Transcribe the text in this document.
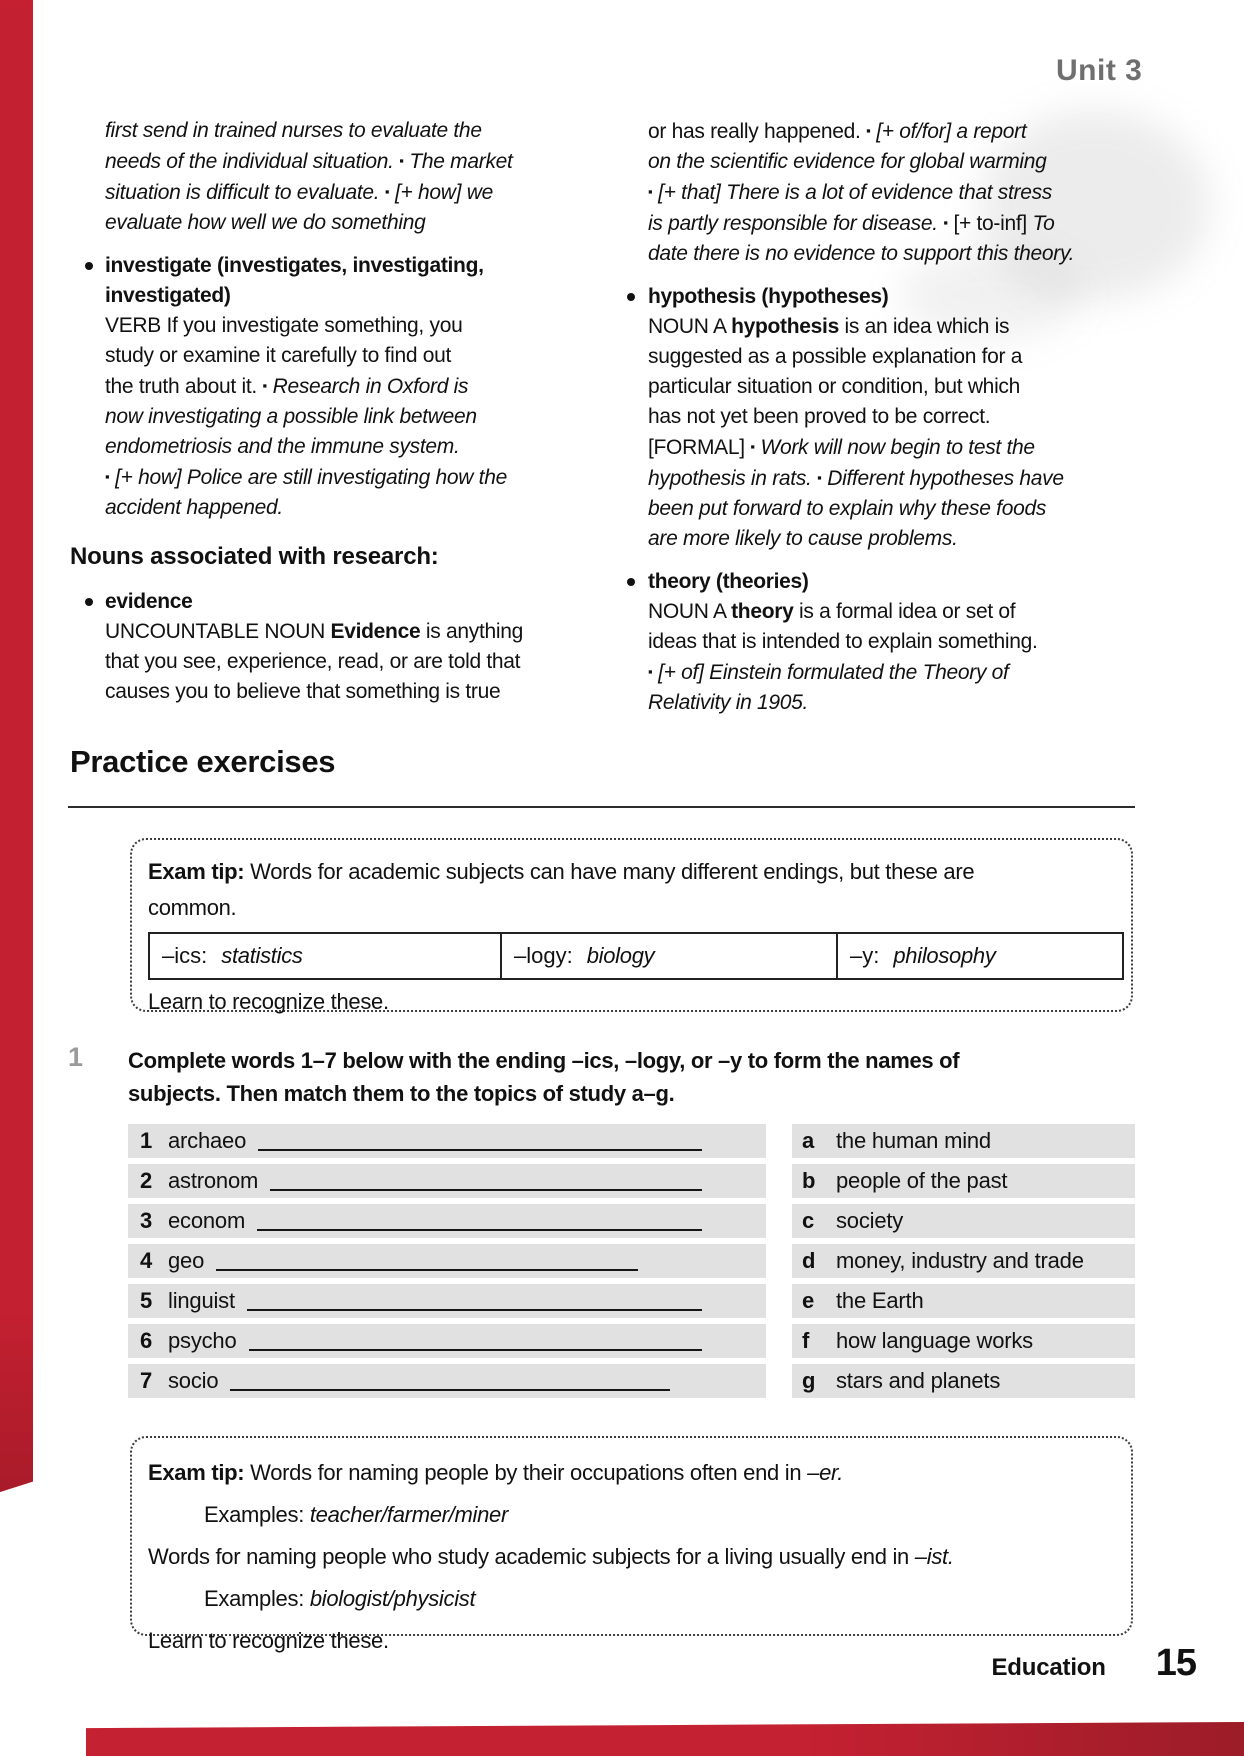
Unit 3
first send in trained nurses to evaluate the
needs of the individual situation. ▪ The market
situation is difficult to evaluate. ▪ [+ how] we
evaluate how well we do something
investigate (investigates, investigating,
investigated)
VERB If you investigate something, you
study or examine it carefully to find out
the truth about it. ▪ Research in Oxford is
now investigating a possible link between
endometriosis and the immune system.
▪ [+ how] Police are still investigating how the
accident happened.
Nouns associated with research:
evidence
UNCOUNTABLE NOUN Evidence is anything
that you see, experience, read, or are told that
causes you to believe that something is true
or has really happened. ▪ [+ of/for] a report
on the scientific evidence for global warming
▪ [+ that] There is a lot of evidence that stress
is partly responsible for disease. ▪ [+ to-inf] To
date there is no evidence to support this theory.
hypothesis (hypotheses)
NOUN A hypothesis is an idea which is
suggested as a possible explanation for a
particular situation or condition, but which
has not yet been proved to be correct.
[FORMAL] ▪ Work will now begin to test the
hypothesis in rats. ▪ Different hypotheses have
been put forward to explain why these foods
are more likely to cause problems.
theory (theories)
NOUN A theory is a formal idea or set of
ideas that is intended to explain something.
▪ [+ of] Einstein formulated the Theory of
Relativity in 1905.
Practice exercises
Exam tip: Words for academic subjects can have many different endings, but these are
common.
–ics: statistics	–logy: biology	–y: philosophy
Learn to recognize these.
1 Complete words 1–7 below with the ending –ics, –logy, or –y to form the names of
subjects. Then match them to the topics of study a–g.
1 archaeo	a the human mind
2 astronom	b people of the past
3 econom	c society
4 geo	d money, industry and trade
5 linguist	e the Earth
6 psycho	f	how language works
7 socio	g stars and planets
Exam tip: Words for naming people by their occupations often end in –er.
Examples: teacher/farmer/miner
Words for naming people who study academic subjects for a living usually end in –ist.
Examples: biologist/physicist
Learn to recognize these.
Education 15
